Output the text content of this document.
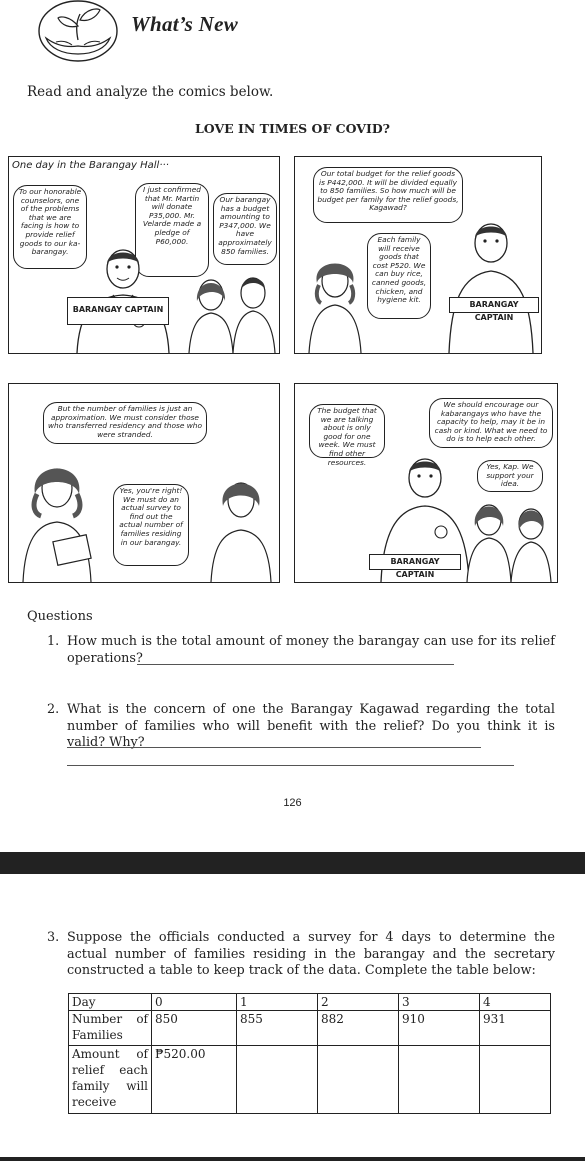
What’s New
Read and analyze the comics below.
LOVE IN TIMES OF COVID?
One day in the Barangay Hall···
To our honorable counselors, one of the problems that we are facing is how to provide relief goods to our ka-barangay.
I just confirmed that Mr. Martin will donate P35,000. Mr. Velarde made a pledge of P60,000.
Our barangay has a budget amounting to P347,000. We have approximately 850 families.
BARANGAY CAPTAIN
Our total budget for the relief goods is P442,000. It will be divided equally to 850 families. So how much will be budget per family for the relief goods, Kagawad?
Each family will receive goods that cost P520. We can buy rice, canned goods, chicken, and hygiene kit.
BARANGAY CAPTAIN
But the number of families is just an approximation. We must consider those who transferred residency and those who were stranded.
Yes, you're right! We must do an actual survey to find out the actual number of families residing in our barangay.
The budget that we are talking about is only good for one week. We must find other resources.
We should encourage our kabarangays who have the capacity to help, may it be in cash or kind. What we need to do is to help each other.
Yes, Kap. We support your idea.
BARANGAY CAPTAIN
Questions
1. How much is the total amount of money the barangay can use for its relief operations?
2. What is the concern of one the Barangay Kagawad regarding the total number of families who will benefit with the relief? Do you think it is valid? Why?
126
3. Suppose the officials conducted a survey for 4 days to determine the actual number of families residing in the barangay and the secretary constructed a table to keep track of the data. Complete the table below:
Day	0	1	2	3	4
Number of Families	850	855	882	910	931
Amount of relief each family will receive	₱520.00				
